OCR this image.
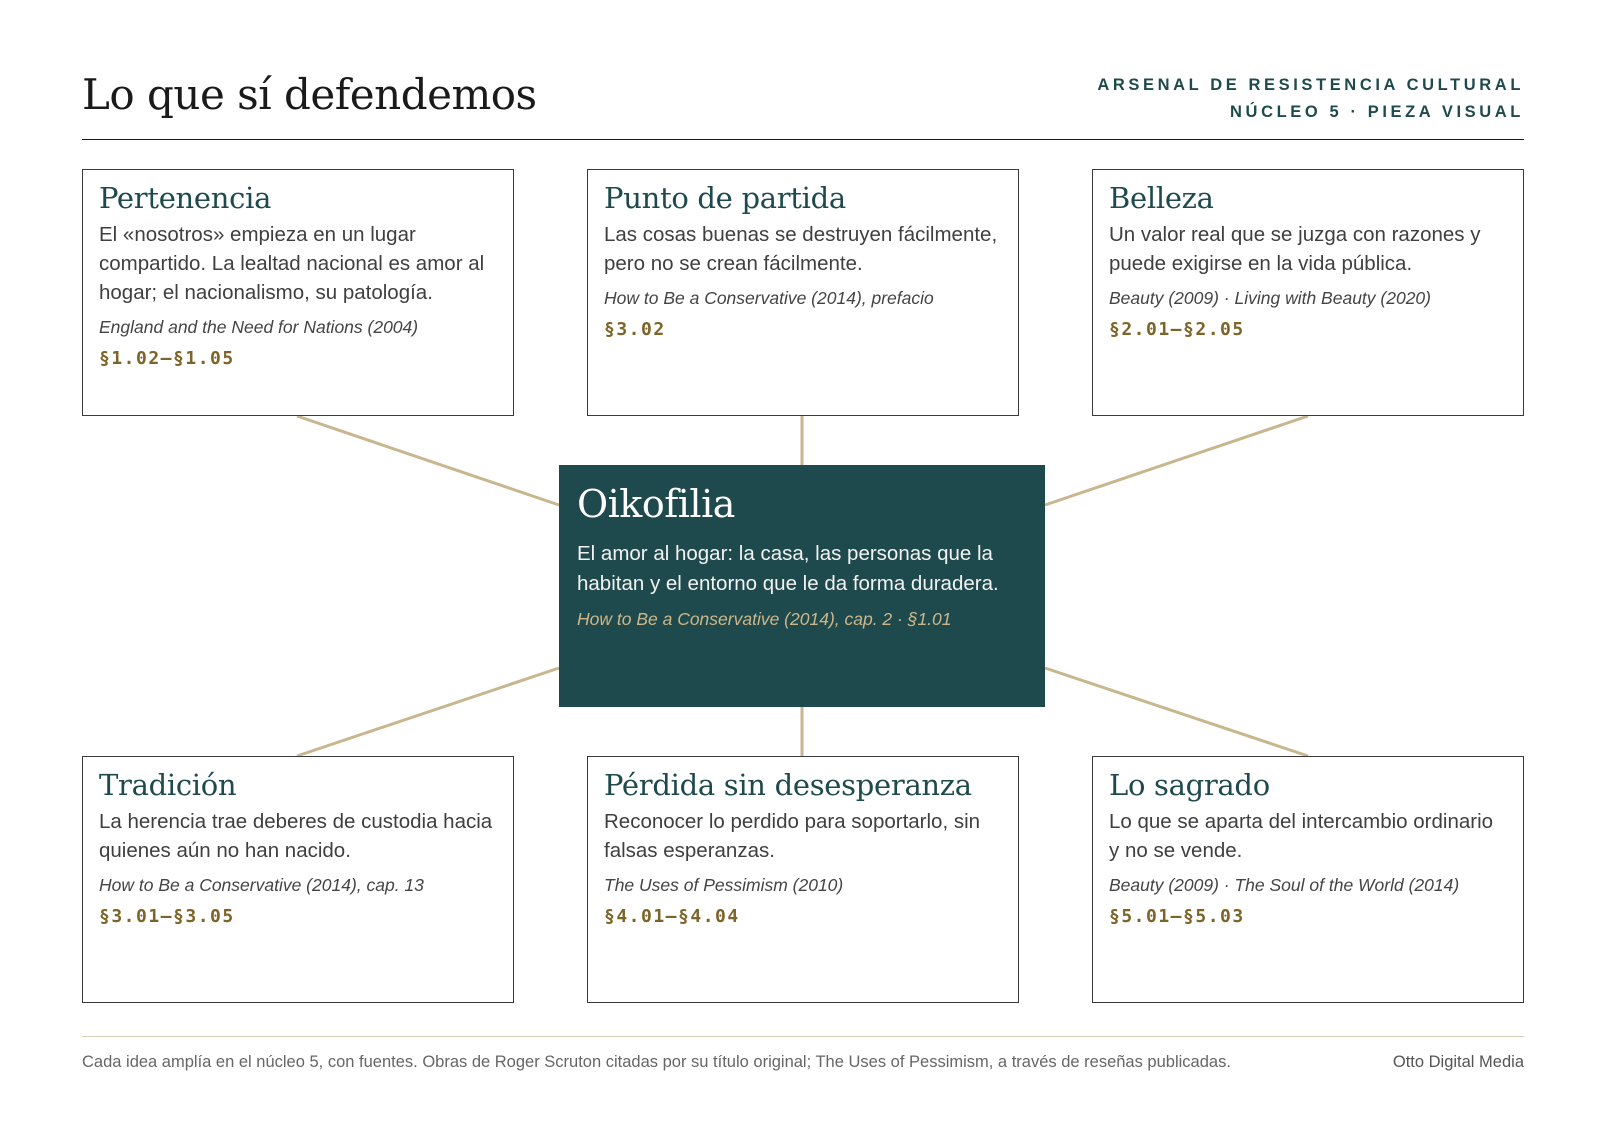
Lo que sí defendemos	ARSENAL DE RESISTENCIA CULTURAL
NÚCLEO 5 · PIEZA VISUAL
Pertenencia

El «nosotros» empieza en un lugar compartido. La lealtad nacional es amor al hogar; el nacionalismo, su patología.

England and the Need for Nations (2004)

§1.02–§1.05

Punto de partida

Las cosas buenas se destruyen fácilmente, pero no se crean fácilmente.

How to Be a Conservative (2014), prefacio

§3.02

Belleza

Un valor real que se juzga con razones y puede exigirse en la vida pública.

Beauty (2009) · Living with Beauty (2020)

§2.01–§2.05

Oikofilia

El amor al hogar: la casa, las personas que la habitan y el entorno que le da forma duradera.

How to Be a Conservative (2014), cap. 2 · §1.01

Tradición

La herencia trae deberes de custodia hacia quienes aún no han nacido.

How to Be a Conservative (2014), cap. 13

§3.01–§3.05

Pérdida sin desesperanza

Reconocer lo perdido para soportarlo, sin falsas esperanzas.

The Uses of Pessimism (2010)

§4.01–§4.04

Lo sagrado

Lo que se aparta del intercambio ordinario y no se vende.

Beauty (2009) · The Soul of the World (2014)

§5.01–§5.03

Cada idea amplía en el núcleo 5, con fuentes. Obras de Roger Scruton citadas por su título original; The Uses of Pessimism, a través de reseñas publicadas.	Otto Digital Media
